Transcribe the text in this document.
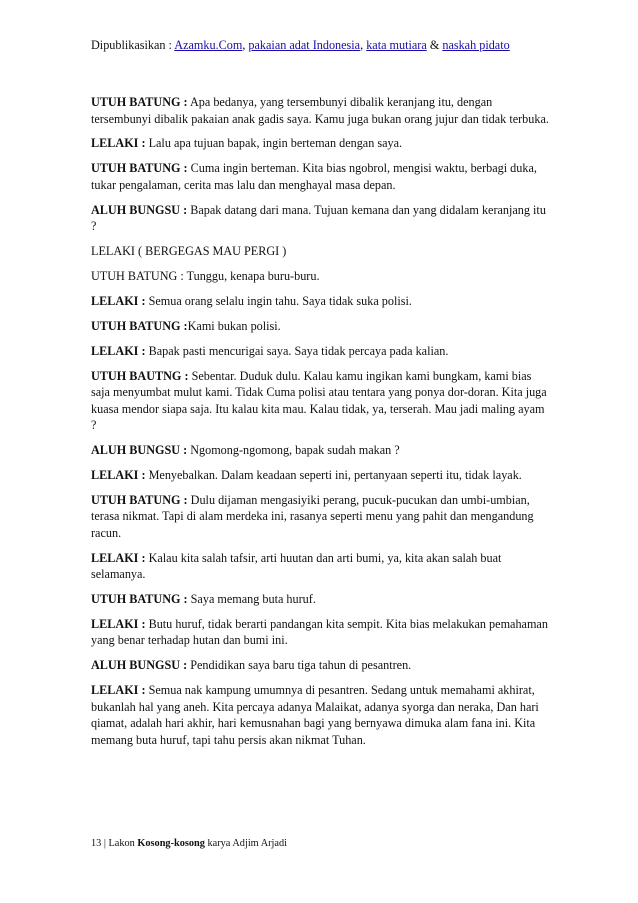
Dipublikasikan : Azamku.Com, pakaian adat Indonesia, kata mutiara & naskah pidato

UTUH BATUNG : Apa bedanya, yang tersembunyi dibalik keranjang itu, dengan tersembunyi dibalik pakaian anak gadis saya. Kamu juga bukan orang jujur dan tidak terbuka.

LELAKI : Lalu apa tujuan bapak, ingin berteman dengan saya.

UTUH BATUNG : Cuma ingin berteman. Kita bias ngobrol, mengisi waktu, berbagi duka, tukar pengalaman, cerita mas lalu dan menghayal masa depan.

ALUH BUNGSU : Bapak datang dari mana. Tujuan kemana dan yang didalam keranjang itu ?

LELAKI ( BERGEGAS MAU PERGI )

UTUH BATUNG : Tunggu, kenapa buru-buru.

LELAKI : Semua orang selalu ingin tahu. Saya tidak suka polisi.

UTUH BATUNG :Kami bukan polisi.

LELAKI : Bapak pasti mencurigai saya. Saya tidak percaya pada kalian.

UTUH BAUTNG : Sebentar. Duduk dulu. Kalau kamu ingikan kami bungkam, kami bias saja menyumbat mulut kami. Tidak Cuma polisi atau tentara yang ponya dor-doran. Kita juga kuasa mendor siapa saja. Itu kalau kita mau. Kalau tidak, ya, terserah. Mau jadi maling ayam ?

ALUH BUNGSU : Ngomong-ngomong, bapak sudah makan ?

LELAKI : Menyebalkan. Dalam keadaan seperti ini, pertanyaan seperti itu, tidak layak.

UTUH BATUNG : Dulu dijaman mengasiyiki perang, pucuk-pucukan dan umbi-umbian, terasa nikmat. Tapi di alam merdeka ini, rasanya seperti menu yang pahit dan mengandung racun.

LELAKI : Kalau kita salah tafsir, arti huutan dan arti bumi, ya, kita akan salah buat selamanya.

UTUH BATUNG : Saya memang buta huruf.

LELAKI : Butu huruf, tidak berarti pandangan kita sempit. Kita bias melakukan pemahaman yang benar terhadap hutan dan bumi ini.

ALUH BUNGSU : Pendidikan saya baru tiga tahun di pesantren.

LELAKI : Semua nak kampung umumnya di pesantren. Sedang untuk memahami akhirat, bukanlah hal yang aneh. Kita percaya adanya Malaikat, adanya syorga dan neraka, Dan hari qiamat, adalah hari akhir, hari kemusnahan bagi yang bernyawa dimuka alam fana ini. Kita memang buta huruf, tapi tahu persis akan nikmat Tuhan.

13 | Lakon Kosong-kosong karya Adjim Arjadi
